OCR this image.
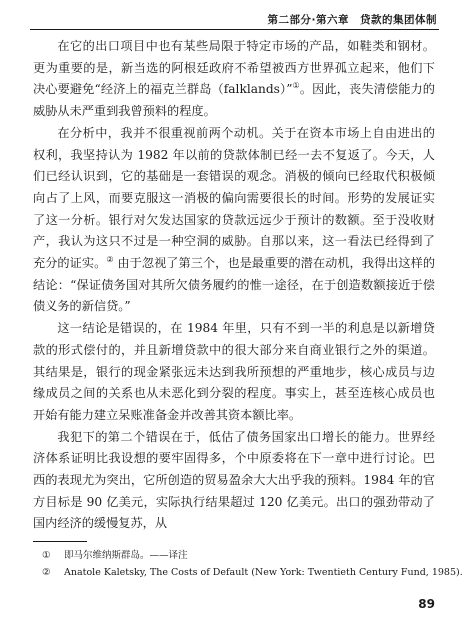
第二部分·第六章　贷款的集团体制

在它的出口项目中也有某些局限于特定市场的产品，如鞋类和钢材。更为重要的是，新当选的阿根廷政府不希望被西方世界孤立起来，他们下决心要避免“经济上的福克兰群岛（falklands）”①。因此，丧失清偿能力的威胁从未严重到我曾预料的程度。

在分析中，我并不很重视前两个动机。关于在资本市场上自由进出的权利，我坚持认为 1982 年以前的贷款体制已经一去不复返了。今天，人们已经认识到，它的基础是一套错误的观念。消极的倾向已经取代积极倾向占了上风，而要克服这一消极的偏向需要很长的时间。形势的发展证实了这一分析。银行对欠发达国家的贷款远远少于预计的数额。至于没收财产，我认为这只不过是一种空洞的威胁。自那以来，这一看法已经得到了充分的证实。② 由于忽视了第三个，也是最重要的潜在动机，我得出这样的结论：“保证债务国对其所欠债务履约的惟一途径，在于创造数额接近于偿债义务的新信贷。”

这一结论是错误的，在 1984 年里，只有不到一半的利息是以新增贷款的形式偿付的，并且新增贷款中的很大部分来自商业银行之外的渠道。其结果是，银行的现金紧张远未达到我所预想的严重地步，核心成员与边缘成员之间的关系也从未恶化到分裂的程度。事实上，甚至连核心成员也开始有能力建立呆账准备金并改善其资本额比率。

我犯下的第二个错误在于，低估了债务国家出口增长的能力。世界经济体系证明比我设想的要牢固得多，个中原委将在下一章中进行讨论。巴西的表现尤为突出，它所创造的贸易盈余大大出乎我的预料。1984 年的官方目标是 90 亿美元，实际执行结果超过 120 亿美元。出口的强劲带动了国内经济的缓慢复苏，从

① 即马尔维纳斯群岛。——译注

② Anatole Kaletsky, The Costs of Default (New York: Twentieth Century Fund, 1985).

89
